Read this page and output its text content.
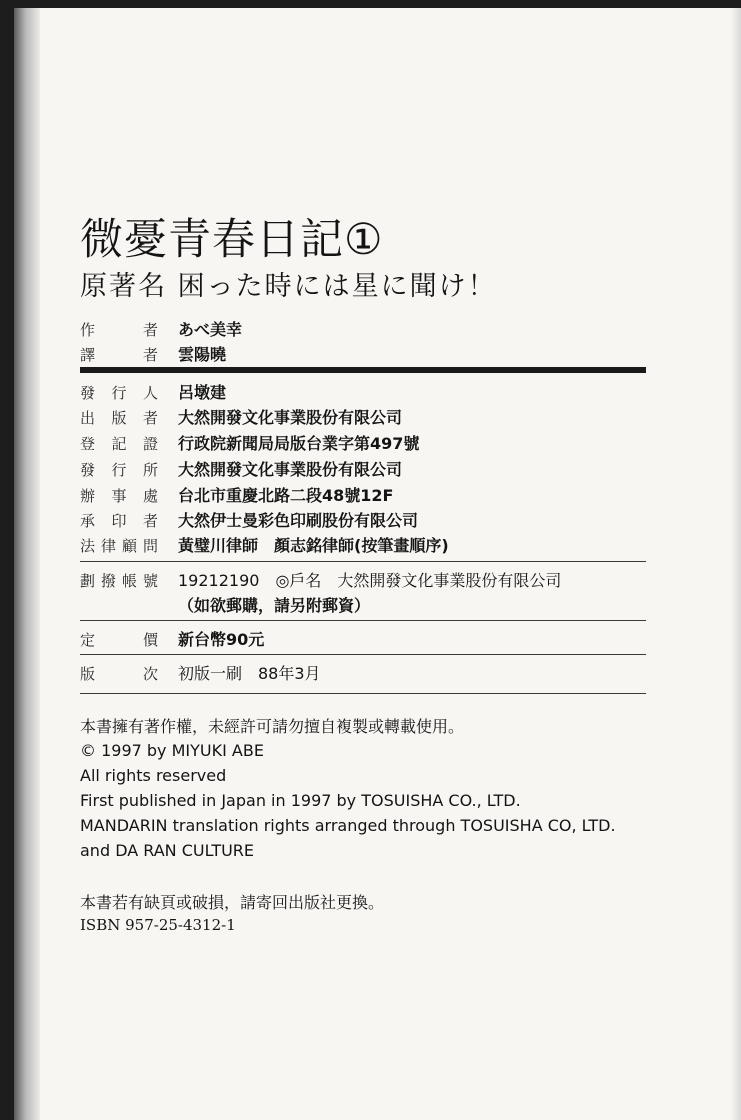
微憂青春日記①
原著名 困った時には星に聞け！
作　者 あべ美幸
譯　者 雲陽曉
發行人 呂墩建
出版者 大然開發文化事業股份有限公司
登記證 行政院新聞局局版台業字第497號
發行所 大然開發文化事業股份有限公司
辦事處 台北市重慶北路二段48號12F
承印者 大然伊士曼彩色印刷股份有限公司
法律顧問 黃璧川律師　顏志銘律師(按筆畫順序)
劃撥帳號 19212190　◎戶名　大然開發文化事業股份有限公司
（如欲郵購，請另附郵資）
定　價 新台幣90元
版　次 初版一刷　88年3月
本書擁有著作權，未經許可請勿擅自複製或轉載使用。
© 1997 by MIYUKI ABE
All rights reserved
First published in Japan in 1997 by TOSUISHA CO., LTD.
MANDARIN translation rights arranged through TOSUISHA CO, LTD.
and DA RAN CULTURE
本書若有缺頁或破損，請寄回出版社更換。
ISBN 957-25-4312-1
